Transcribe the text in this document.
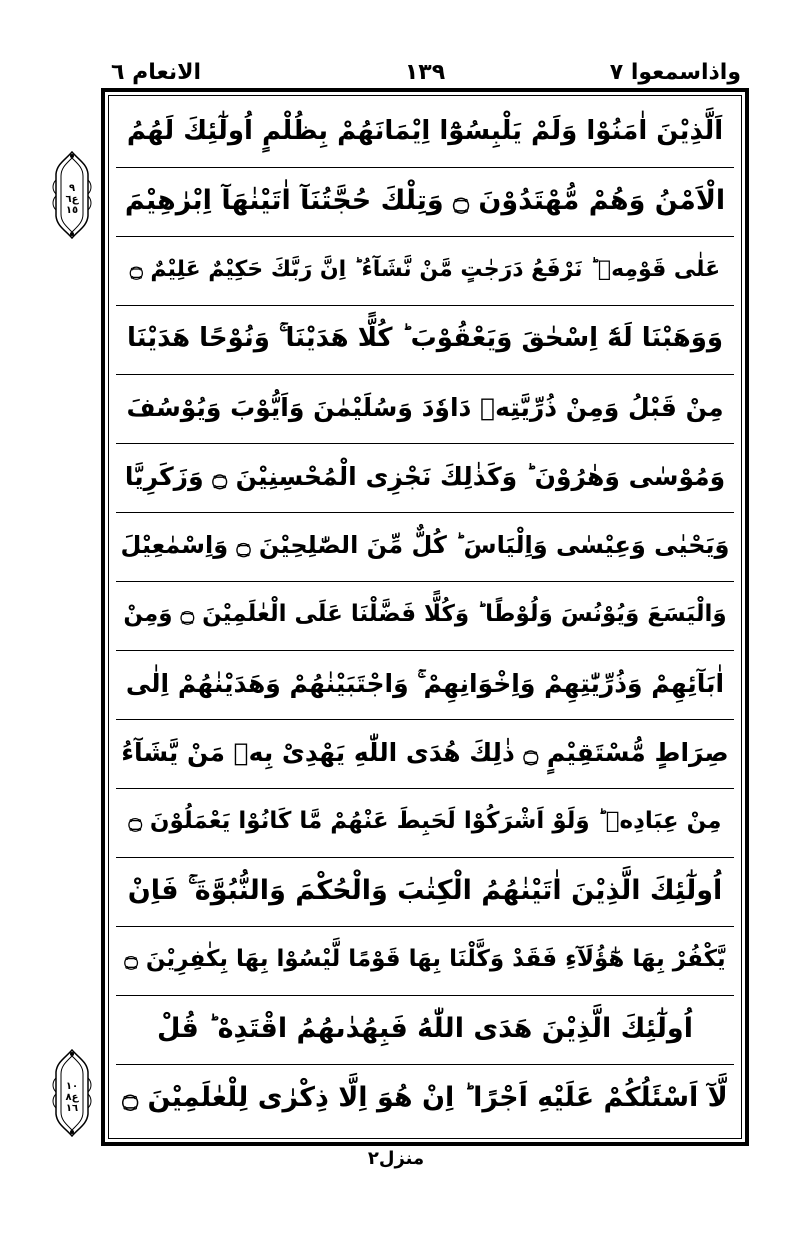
واذاسمعوا ٧
١٣٩
الانعام ٦
اَلَّذِيْنَ اٰمَنُوْا وَلَمْ يَلْبِسُوْٓا اِيْمَانَهُمْ بِظُلْمٍ اُولٰٓئِكَ لَهُمُ
الْاَمْنُ وَهُمْ مُّهْتَدُوْنَ ۝ وَتِلْكَ حُجَّتُنَآ اٰتَيْنٰهَآ اِبْرٰهِيْمَ
عَلٰى قَوْمِهٖ ؕ نَرْفَعُ دَرَجٰتٍ مَّنْ نَّشَآءُ ؕ اِنَّ رَبَّكَ حَكِيْمٌ عَلِيْمٌ ۝
وَوَهَبْنَا لَهٗٓ اِسْحٰقَ وَيَعْقُوْبَ ؕ كُلًّا هَدَيْنَا ۚ وَنُوْحًا هَدَيْنَا
مِنْ قَبْلُ وَمِنْ ذُرِّيَّتِهٖ دَاوٗدَ وَسُلَيْمٰنَ وَاَيُّوْبَ وَيُوْسُفَ
وَمُوْسٰى وَهٰرُوْنَ ؕ وَكَذٰلِكَ نَجْزِى الْمُحْسِنِيْنَ ۝ وَزَكَرِيَّا
وَيَحْيٰى وَعِيْسٰى وَاِلْيَاسَ ؕ كُلٌّ مِّنَ الصّٰلِحِيْنَ ۝ وَاِسْمٰعِيْلَ
وَالْيَسَعَ وَيُوْنُسَ وَلُوْطًا ؕ وَكُلًّا فَضَّلْنَا عَلَى الْعٰلَمِيْنَ ۝ وَمِنْ
اٰبَآئِهِمْ وَذُرِّيّٰتِهِمْ وَاِخْوَانِهِمْ ۚ وَاجْتَبَيْنٰهُمْ وَهَدَيْنٰهُمْ اِلٰى
صِرَاطٍ مُّسْتَقِيْمٍ ۝ ذٰلِكَ هُدَى اللّٰهِ يَهْدِىْ بِهٖ مَنْ يَّشَآءُ
مِنْ عِبَادِهٖ ؕ وَلَوْ اَشْرَكُوْا لَحَبِطَ عَنْهُمْ مَّا كَانُوْا يَعْمَلُوْنَ ۝
اُولٰٓئِكَ الَّذِيْنَ اٰتَيْنٰهُمُ الْكِتٰبَ وَالْحُكْمَ وَالنُّبُوَّةَ ۚ فَاِنْ
يَّكْفُرْ بِهَا هٰٓؤُلَآءِ فَقَدْ وَكَّلْنَا بِهَا قَوْمًا لَّيْسُوْا بِهَا بِكٰفِرِيْنَ ۝
اُولٰٓئِكَ الَّذِيْنَ هَدَى اللّٰهُ فَبِهُدٰىهُمُ اقْتَدِهْ ؕ قُلْ
لَّآ اَسْئَلُكُمْ عَلَيْهِ اَجْرًا ؕ اِنْ هُوَ اِلَّا ذِكْرٰى لِلْعٰلَمِيْنَ ۝
٩
ع٦
١٥
١٠
ع٨
١٦
منزل٢
